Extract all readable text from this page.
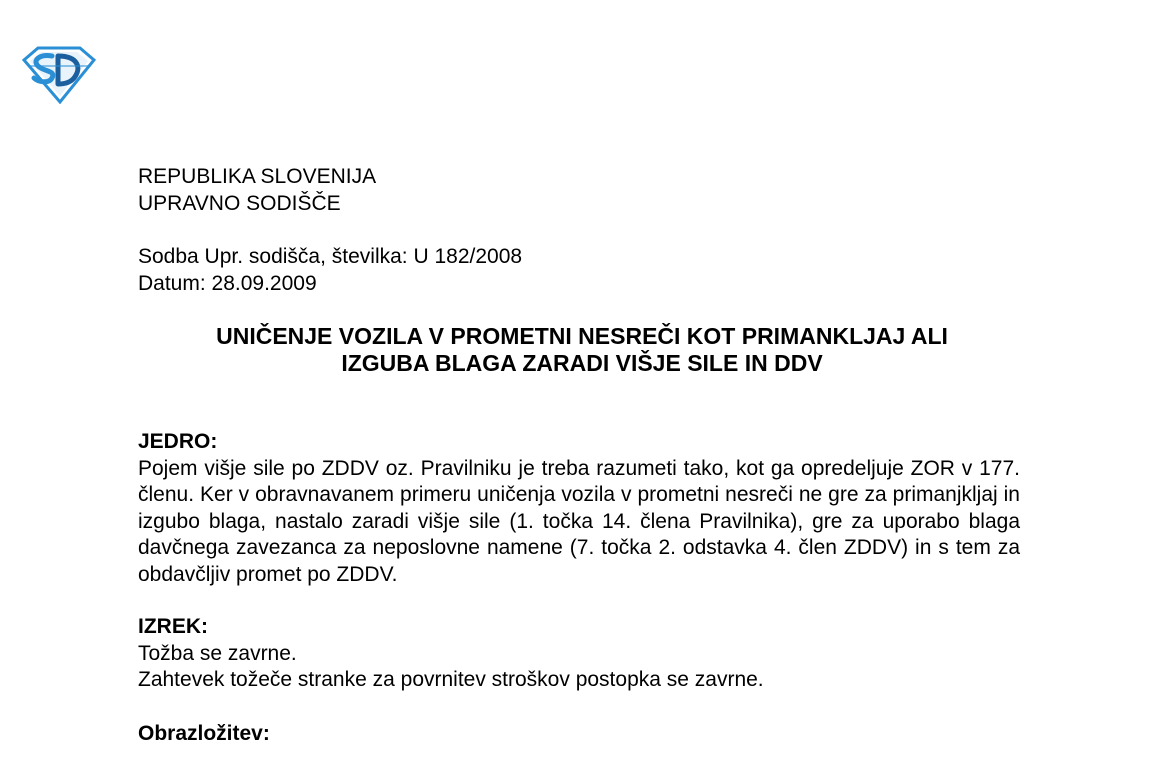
REPUBLIKA SLOVENIJA

UPRAVNO SODIŠČE

Sodba Upr. sodišča, številka: U 182/2008

Datum: 28.09.2009

UNIČENJE VOZILA V PROMETNI NESREČI KOT PRIMANKLJAJ ALI

IZGUBA BLAGA ZARADI VIŠJE SILE IN DDV

JEDRO:

Pojem višje sile po ZDDV oz. Pravilniku je treba razumeti tako, kot ga opredeljuje ZOR v 177. členu. Ker v obravnavanem primeru uničenja vozila v prometni nesreči ne gre za primanjkljaj in izgubo blaga, nastalo zaradi višje sile (1. točka 14. člena Pravilnika), gre za uporabo blaga davčnega zavezanca za neposlovne namene (7. točka 2. odstavka 4. člen ZDDV) in s tem za obdavčljiv promet po ZDDV.

IZREK:

Tožba se zavrne.

Zahtevek tožeče stranke za povrnitev stroškov postopka se zavrne.

Obrazložitev:
